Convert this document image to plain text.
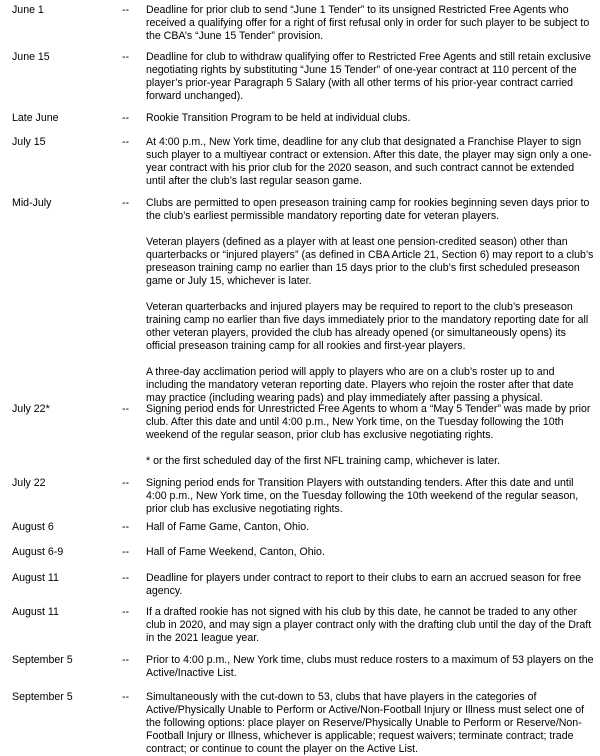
June 1	-- Deadline for prior club to send “June 1 Tender” to its unsigned Restricted Free Agents who received a qualifying offer for a right of first refusal only in order for such player to be subject to the CBA’s “June 15 Tender” provision.

June 15	-- Deadline for club to withdraw qualifying offer to Restricted Free Agents and still retain exclusive negotiating rights by substituting “June 15 Tender” of one-year contract at 110 percent of the player’s prior-year Paragraph 5 Salary (with all other terms of his prior-year contract carried forward unchanged).

Late June	-- Rookie Transition Program to be held at individual clubs.

July 15	-- At 4:00 p.m., New York time, deadline for any club that designated a Franchise Player to sign such player to a multiyear contract or extension. After this date, the player may sign only a one-year contract with his prior club for the 2020 season, and such contract cannot be extended until after the club’s last regular season game.

Mid-July	-- Clubs are permitted to open preseason training camp for rookies beginning seven days prior to the club’s earliest permissible mandatory reporting date for veteran players.

Veteran players (defined as a player with at least one pension-credited season) other than quarterbacks or “injured players” (as defined in CBA Article 21, Section 6) may report to a club’s preseason training camp no earlier than 15 days prior to the club’s first scheduled preseason game or July 15, whichever is later.

Veteran quarterbacks and injured players may be required to report to the club’s preseason training camp no earlier than five days immediately prior to the mandatory reporting date for all other veteran players, provided the club has already opened (or simultaneously opens) its official preseason training camp for all rookies and first-year players.

A three-day acclimation period will apply to players who are on a club’s roster up to and including the mandatory veteran reporting date. Players who rejoin the roster after that date may practice (including wearing pads) and play immediately after passing a physical.

July 22*	-- Signing period ends for Unrestricted Free Agents to whom a “May 5 Tender” was made by prior club. After this date and until 4:00 p.m., New York time, on the Tuesday following the 10th weekend of the regular season, prior club has exclusive negotiating rights.

* or the first scheduled day of the first NFL training camp, whichever is later.

July 22	-- Signing period ends for Transition Players with outstanding tenders. After this date and until 4:00 p.m., New York time, on the Tuesday following the 10th weekend of the regular season, prior club has exclusive negotiating rights.

August 6	-- Hall of Fame Game, Canton, Ohio.

August 6-9	-- Hall of Fame Weekend, Canton, Ohio.

August 11	-- Deadline for players under contract to report to their clubs to earn an accrued season for free agency.

August 11	-- If a drafted rookie has not signed with his club by this date, he cannot be traded to any other club in 2020, and may sign a player contract only with the drafting club until the day of the Draft in the 2021 league year.

September 5	-- Prior to 4:00 p.m., New York time, clubs must reduce rosters to a maximum of 53 players on the Active/Inactive List.

September 5	-- Simultaneously with the cut-down to 53, clubs that have players in the categories of Active/Physically Unable to Perform or Active/Non-Football Injury or Illness must select one of the following options: place player on Reserve/Physically Unable to Perform or Reserve/Non-Football Injury or Illness, whichever is applicable; request waivers; terminate contract; trade contract; or continue to count the player on the Active List.
